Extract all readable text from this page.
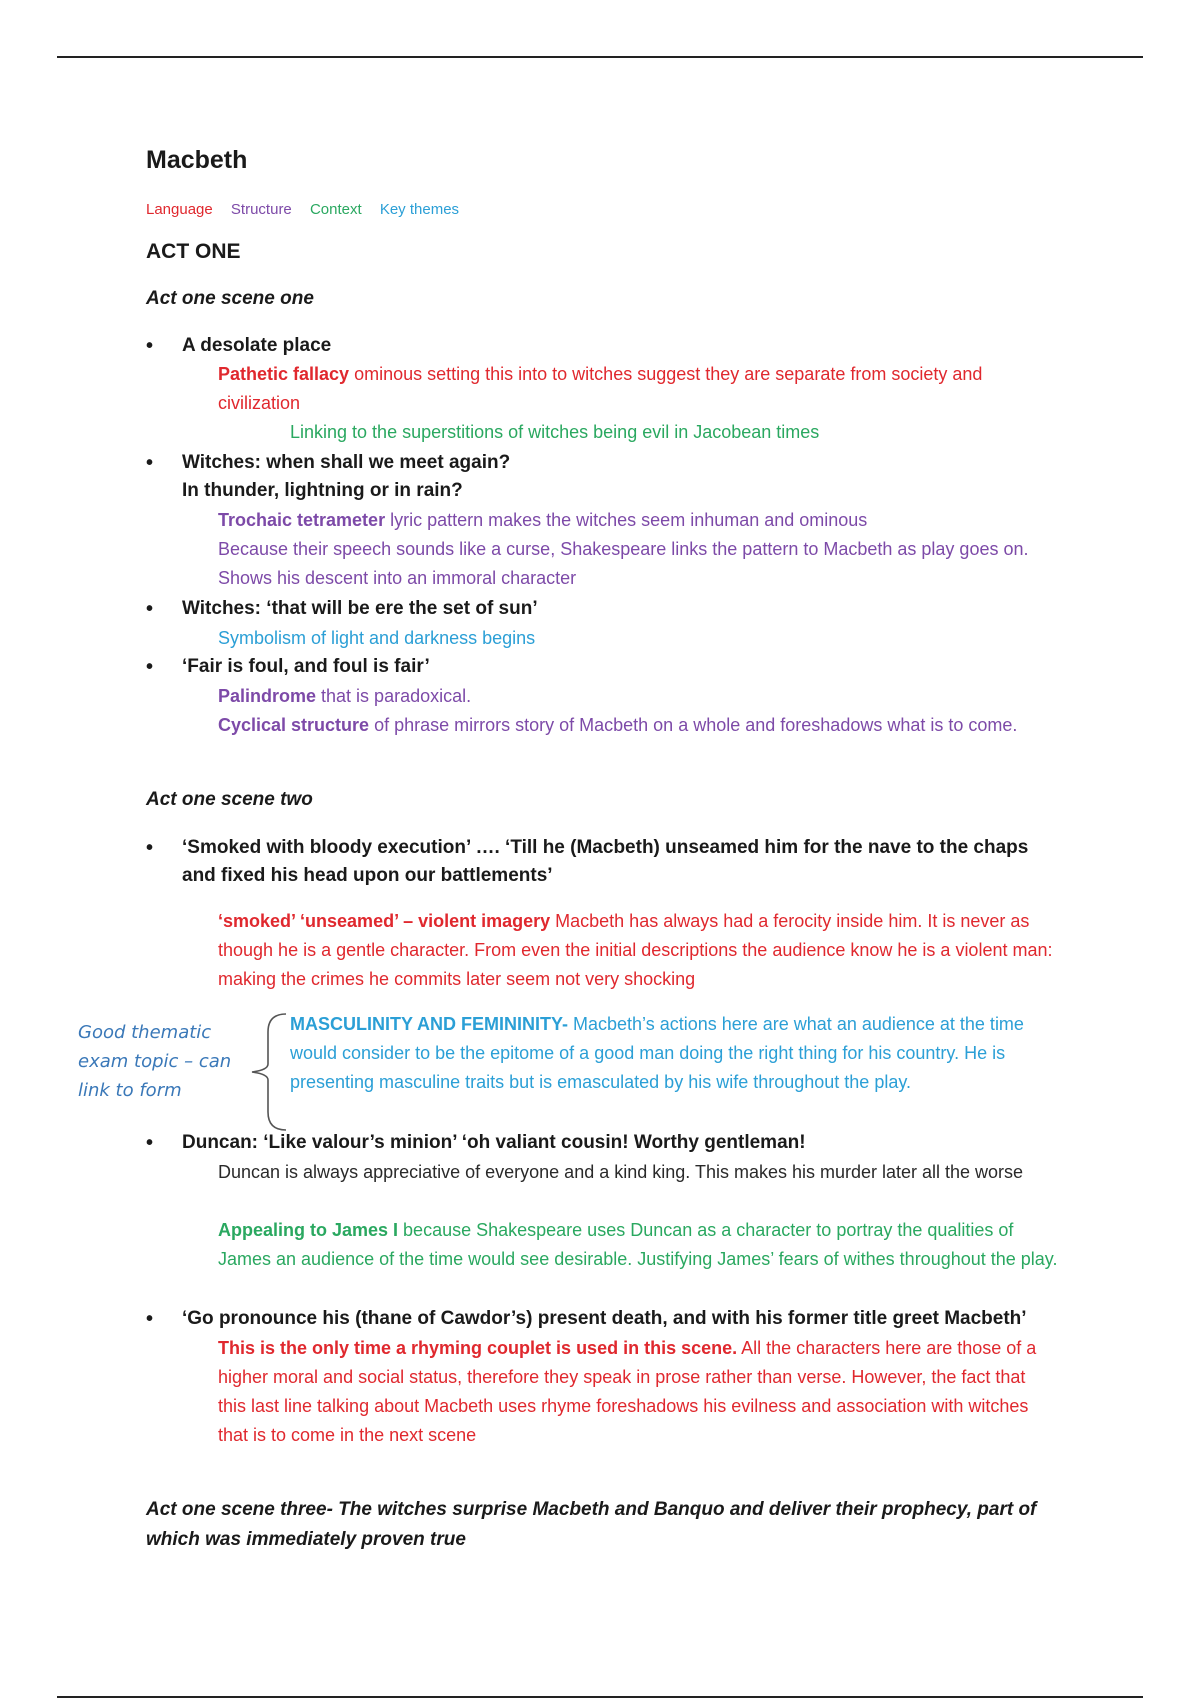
Macbeth
Language Structure Context Key themes
ACT ONE
Act one scene one
• A desolate place
Pathetic fallacy ominous setting this into to witches suggest they are separate from society and civilization
Linking to the superstitions of witches being evil in Jacobean times
• Witches: when shall we meet again?
In thunder, lightning or in rain?
Trochaic tetrameter lyric pattern makes the witches seem inhuman and ominous
Because their speech sounds like a curse, Shakespeare links the pattern to Macbeth as play goes on. Shows his descent into an immoral character
• Witches: ‘that will be ere the set of sun’
Symbolism of light and darkness begins
• ‘Fair is foul, and foul is fair’
Palindrome that is paradoxical.
Cyclical structure of phrase mirrors story of Macbeth on a whole and foreshadows what is to come.
Act one scene two
• ‘Smoked with bloody execution’ …. ‘Till he (Macbeth) unseamed him for the nave to the chaps and fixed his head upon our battlements’
‘smoked’ ‘unseamed’ – violent imagery Macbeth has always had a ferocity inside him. It is never as though he is a gentle character. From even the initial descriptions the audience know he is a violent man: making the crimes he commits later seem not very shocking
MASCULINITY AND FEMININITY- Macbeth’s actions here are what an audience at the time would consider to be the epitome of a good man doing the right thing for his country. He is presenting masculine traits but is emasculated by his wife throughout the play.
• Duncan: ‘Like valour’s minion’ ‘oh valiant cousin! Worthy gentleman!
Duncan is always appreciative of everyone and a kind king. This makes his murder later all the worse
Appealing to James I because Shakespeare uses Duncan as a character to portray the qualities of James an audience of the time would see desirable. Justifying James’ fears of withes throughout the play.
• ‘Go pronounce his (thane of Cawdor’s) present death, and with his former title greet Macbeth’
This is the only time a rhyming couplet is used in this scene. All the characters here are those of a higher moral and social status, therefore they speak in prose rather than verse. However, the fact that this last line talking about Macbeth uses rhyme foreshadows his evilness and association with witches that is to come in the next scene
Act one scene three- The witches surprise Macbeth and Banquo and deliver their prophecy, part of which was immediately proven true
Good thematic exam topic – can link to form
